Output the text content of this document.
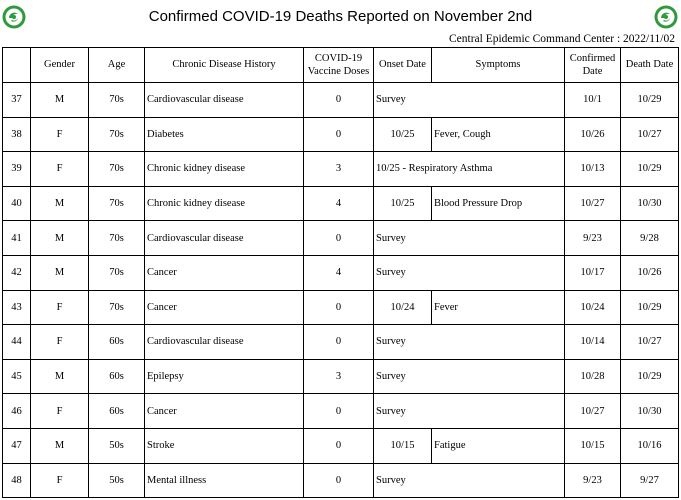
Confirmed COVID-19 Deaths Reported on November 2nd
Central Epidemic Command Center : 2022/11/02
	Gender	Age	Chronic Disease History	COVID-19 Vaccine Doses	Onset Date	Symptoms	Confirmed Date	Death Date
37	M	70s	Cardiovascular disease	0	Survey		10/1	10/29
38	F	70s	Diabetes	0	10/25	Fever, Cough	10/26	10/27
39	F	70s	Chronic kidney disease	3	10/25 - Respiratory Asthma		10/13	10/29
40	M	70s	Chronic kidney disease	4	10/25	Blood Pressure Drop	10/27	10/30
41	M	70s	Cardiovascular disease	0	Survey		9/23	9/28
42	M	70s	Cancer	4	Survey		10/17	10/26
43	F	70s	Cancer	0	10/24	Fever	10/24	10/29
44	F	60s	Cardiovascular disease	0	Survey		10/14	10/27
45	M	60s	Epilepsy	3	Survey		10/28	10/29
46	F	60s	Cancer	0	Survey		10/27	10/30
47	M	50s	Stroke	0	10/15	Fatigue	10/15	10/16
48	F	50s	Mental illness	0	Survey		9/23	9/27
